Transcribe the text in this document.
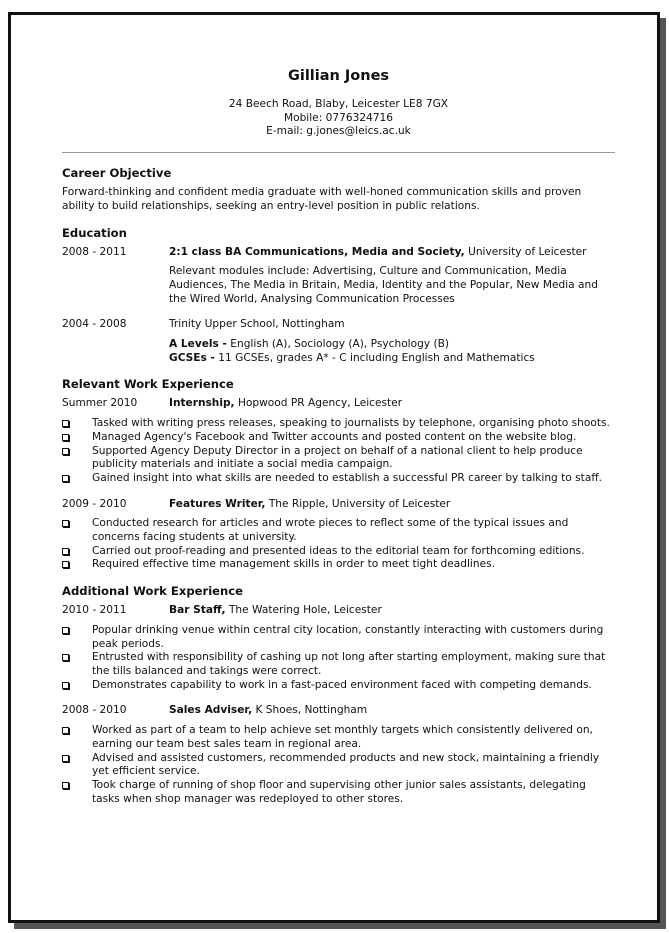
Gillian Jones
24 Beech Road, Blaby, Leicester LE8 7GX
Mobile: 0776324716
E-mail: g.jones@leics.ac.uk
Career Objective

Forward-thinking and confident media graduate with well-honed communication skills and proven ability to build relationships, seeking an entry-level position in public relations.

Education
2008 - 2011	2:1 class BA Communications, Media and Society, University of Leicester

Relevant modules include: Advertising, Culture and Communication, Media Audiences, The Media in Britain, Media, Identity and the Popular, New Media and the Wired World, Analysing Communication Processes

2004 - 2008	Trinity Upper School, Nottingham

A Levels - English (A), Sociology (A), Psychology (B)

GCSEs - 11 GCSEs, grades A* - C including English and Mathematics

Relevant Work Experience
Summer 2010	Internship, Hopwood PR Agency, Leicester
Tasked with writing press releases, speaking to journalists by telephone, organising photo shoots.
Managed Agency's Facebook and Twitter accounts and posted content on the website blog.
Supported Agency Deputy Director in a project on behalf of a national client to help produce publicity materials and initiate a social media campaign.
Gained insight into what skills are needed to establish a successful PR career by talking to staff.
2009 - 2010	Features Writer, The Ripple, University of Leicester
Conducted research for articles and wrote pieces to reflect some of the typical issues and concerns facing students at university.
Carried out proof-reading and presented ideas to the editorial team for forthcoming editions.
Required effective time management skills in order to meet tight deadlines.
Additional Work Experience
2010 - 2011	Bar Staff, The Watering Hole, Leicester
Popular drinking venue within central city location, constantly interacting with customers during peak periods.
Entrusted with responsibility of cashing up not long after starting employment, making sure that the tills balanced and takings were correct.
Demonstrates capability to work in a fast-paced environment faced with competing demands.
2008 - 2010	Sales Adviser, K Shoes, Nottingham
Worked as part of a team to help achieve set monthly targets which consistently delivered on, earning our team best sales team in regional area.
Advised and assisted customers, recommended products and new stock, maintaining a friendly yet efficient service.
Took charge of running of shop floor and supervising other junior sales assistants, delegating tasks when shop manager was redeployed to other stores.
